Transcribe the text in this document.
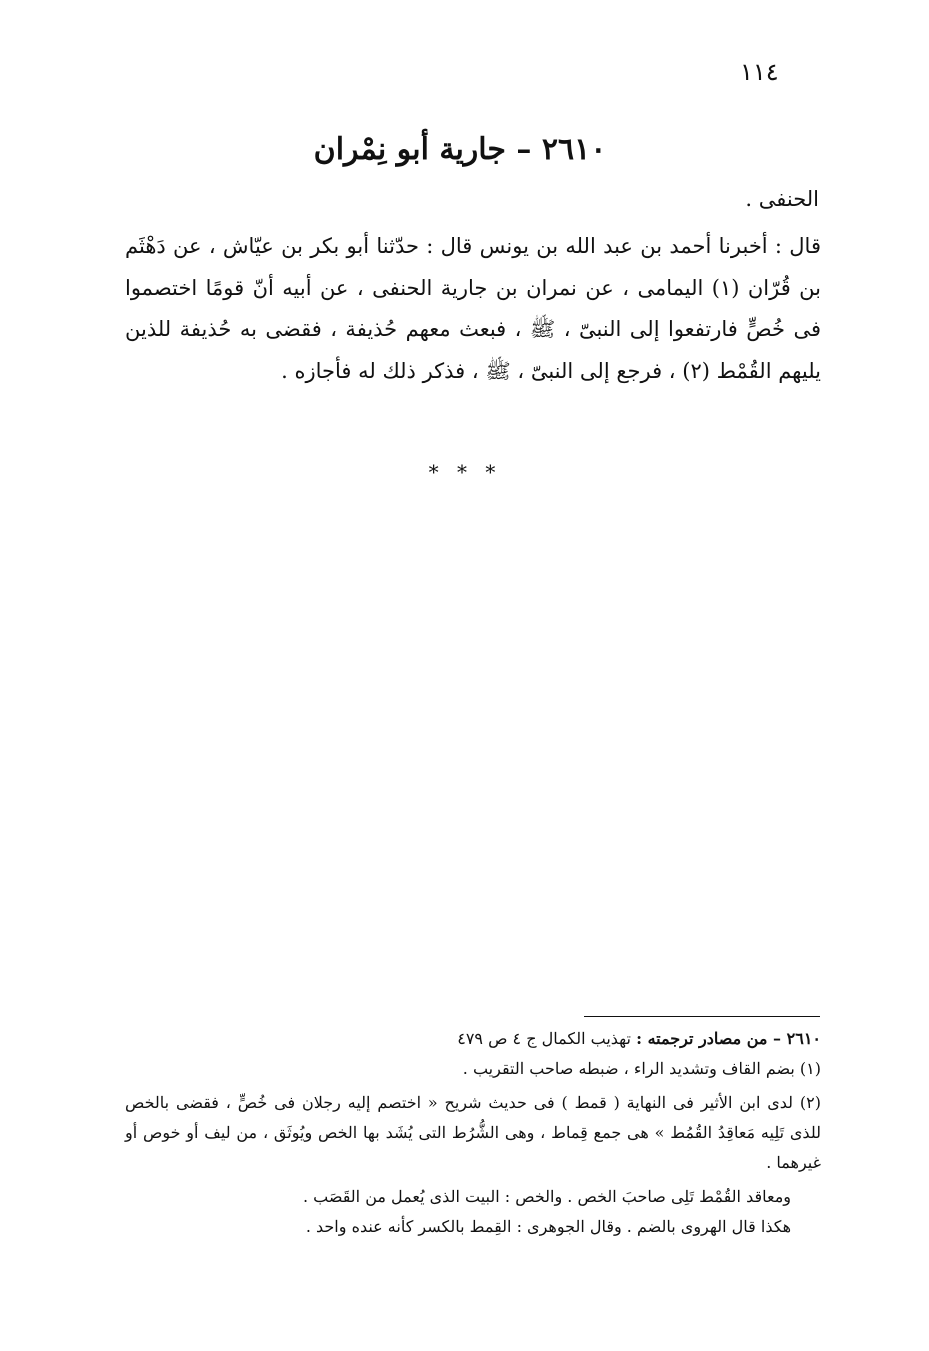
١١٤
٢٦١٠ – جارية أبو نِمْران
الحنفى .

قال : أخبرنا أحمد بن عبد الله بن يونس قال : حدّثنا أبو بكر بن عيّاش ، عن دَهْثَم بن قُرّان (١) اليمامى ، عن نمران بن جارية الحنفى ، عن أبيه أنّ قومًا اختصموا فى خُصٍّ فارتفعوا إلى النبىّ ، ﷺ ، فبعث معهم حُذيفة ، فقضى به حُذيفة للذين يليهم القُمْط (٢) ، فرجع إلى النبىّ ، ﷺ ، فذكر ذلك له فأجازه .

* * *

٢٦١٠ – من مصادر ترجمته : تهذيب الكمال ج ٤ ص ٤٧٩

(١) بضم القاف وتشديد الراء ، ضبطه صاحب التقريب .

(٢) لدى ابن الأثير فى النهاية ( قمط ) فى حديث شريح « اختصم إليه رجلان فى خُصٍّ ، فقضى بالخص للذى تَلِيه مَعاقِدُ القُمُط » هى جمع قِماط ، وهى الشُّرُط التى يُشَد بها الخص ويُوثَق ، من ليف أو خوص أو غيرهما .

ومعاقد القُمْط تَلِى صاحبَ الخص . والخص : البيت الذى يُعمل من القَصَب .

هكذا قال الهروى بالضم . وقال الجوهرى : القِمط بالكسر كأنه عنده واحد .
